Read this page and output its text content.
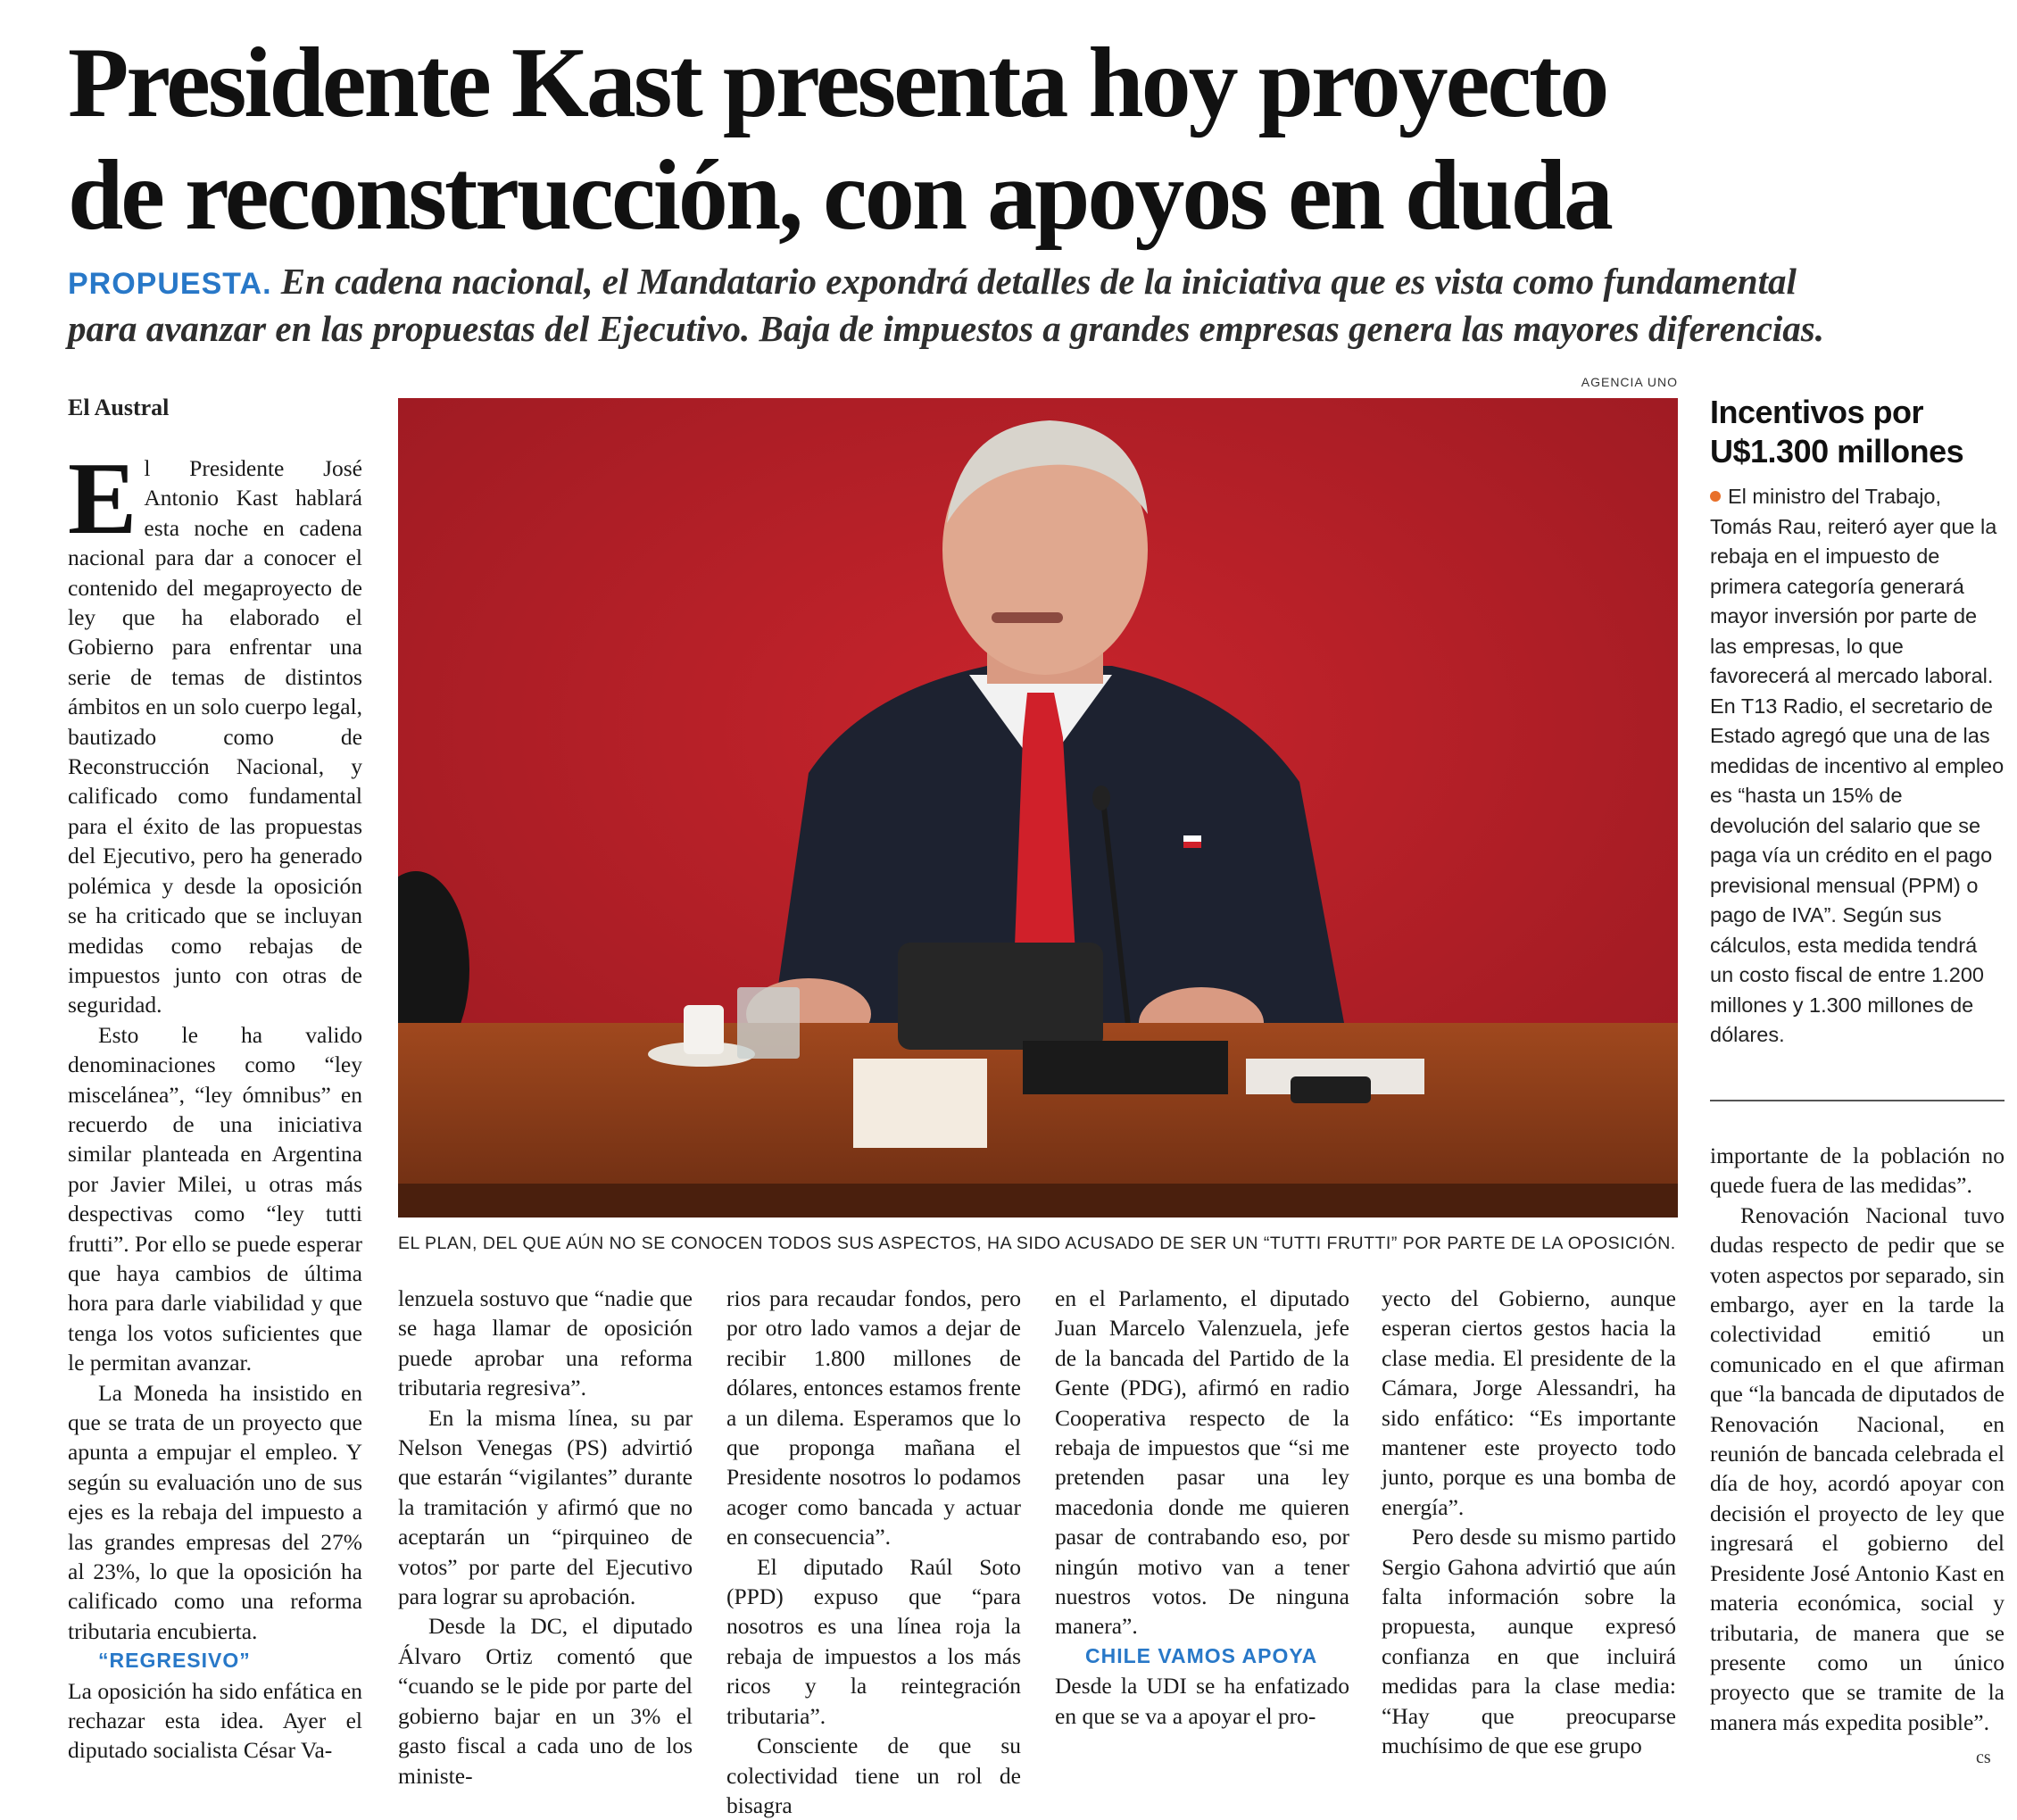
Presidente Kast presenta hoy proyecto
de reconstrucción, con apoyos en duda
PROPUESTA. En cadena nacional, el Mandatario expondrá detalles de la iniciativa que es vista como fundamental
para avanzar en las propuestas del Ejecutivo. Baja de impuestos a grandes empresas genera las mayores diferencias.
El Austral

El Presidente José Antonio Kast hablará esta noche en cadena nacional para dar a conocer el contenido del megaproyecto de ley que ha elaborado el Gobierno para enfrentar una serie de temas de distintos ámbitos en un solo cuerpo legal, bautizado como de Reconstrucción Nacional, y calificado como fundamental para el éxito de las propuestas del Ejecutivo, pero ha generado polémica y desde la oposición se ha criticado que se incluyan medidas como rebajas de impuestos junto con otras de seguridad.

Esto le ha valido denominaciones como “ley miscelánea”, “ley ómnibus” en recuerdo de una iniciativa similar planteada en Argentina por Javier Milei, u otras más despectivas como “ley tutti frutti”. Por ello se puede esperar que haya cambios de última hora para darle viabilidad y que tenga los votos suficientes que le permitan avanzar.

La Moneda ha insistido en que se trata de un proyecto que apunta a empujar el empleo. Y según su evaluación uno de sus ejes es la rebaja del impuesto a las grandes empresas del 27% al 23%, lo que la oposición ha calificado como una reforma tributaria encubierta.

“REGRESIVO”

La oposición ha sido enfática en rechazar esta idea. Ayer el diputado socialista César Va-

AGENCIA UNO
EL PLAN, DEL QUE AÚN NO SE CONOCEN TODOS SUS ASPECTOS, HA SIDO ACUSADO DE SER UN “TUTTI FRUTTI” POR PARTE DE LA OPOSICIÓN.
Incentivos por U$1.300 millones
El ministro del Trabajo, Tomás Rau, reiteró ayer que la rebaja en el impuesto de primera categoría generará mayor inversión por parte de las empresas, lo que favorecerá al mercado laboral. En T13 Radio, el secretario de Estado agregó que una de las medidas de incentivo al empleo es “hasta un 15% de devolución del salario que se paga vía un crédito en el pago previsional mensual (PPM) o pago de IVA”. Según sus cálculos, esta medida tendrá un costo fiscal de entre 1.200 millones y 1.300 millones de dólares.

lenzuela sostuvo que “nadie que se haga llamar de oposición puede aprobar una reforma tributaria regresiva”.

En la misma línea, su par Nelson Venegas (PS) advirtió que estarán “vigilantes” durante la tramitación y afirmó que no aceptarán un “pirquineo de votos” por parte del Ejecutivo para lograr su aprobación.

Desde la DC, el diputado Álvaro Ortiz comentó que “cuando se le pide por parte del gobierno bajar en un 3% el gasto fiscal a cada uno de los ministe-

rios para recaudar fondos, pero por otro lado vamos a dejar de recibir 1.800 millones de dólares, entonces estamos frente a un dilema. Esperamos que lo que proponga mañana el Presidente nosotros lo podamos acoger como bancada y actuar en consecuencia”.

El diputado Raúl Soto (PPD) expuso que “para nosotros es una línea roja la rebaja de impuestos a los más ricos y la reintegración tributaria”.

Consciente de que su colectividad tiene un rol de bisagra

en el Parlamento, el diputado Juan Marcelo Valenzuela, jefe de la bancada del Partido de la Gente (PDG), afirmó en radio Cooperativa respecto de la rebaja de impuestos que “si me pretenden pasar una ley macedonia donde me quieren pasar de contrabando eso, por ningún motivo van a tener nuestros votos. De ninguna manera”.

CHILE VAMOS APOYA

Desde la UDI se ha enfatizado en que se va a apoyar el pro-

yecto del Gobierno, aunque esperan ciertos gestos hacia la clase media. El presidente de la Cámara, Jorge Alessandri, ha sido enfático: “Es importante mantener este proyecto todo junto, porque es una bomba de energía”.

Pero desde su mismo partido Sergio Gahona advirtió que aún falta información sobre la propuesta, aunque expresó confianza en que incluirá medidas para la clase media: “Hay que preocuparse muchísimo de que ese grupo

importante de la población no quede fuera de las medidas”.

Renovación Nacional tuvo dudas respecto de pedir que se voten aspectos por separado, sin embargo, ayer en la tarde la colectividad emitió un comunicado en el que afirman que “la bancada de diputados de Renovación Nacional, en reunión de bancada celebrada el día de hoy, acordó apoyar con decisión el proyecto de ley que ingresará el gobierno del Presidente José Antonio Kast en materia económica, social y tributaria, de manera que se presente como un único proyecto que se tramite de la manera más expedita posible”.

cs
